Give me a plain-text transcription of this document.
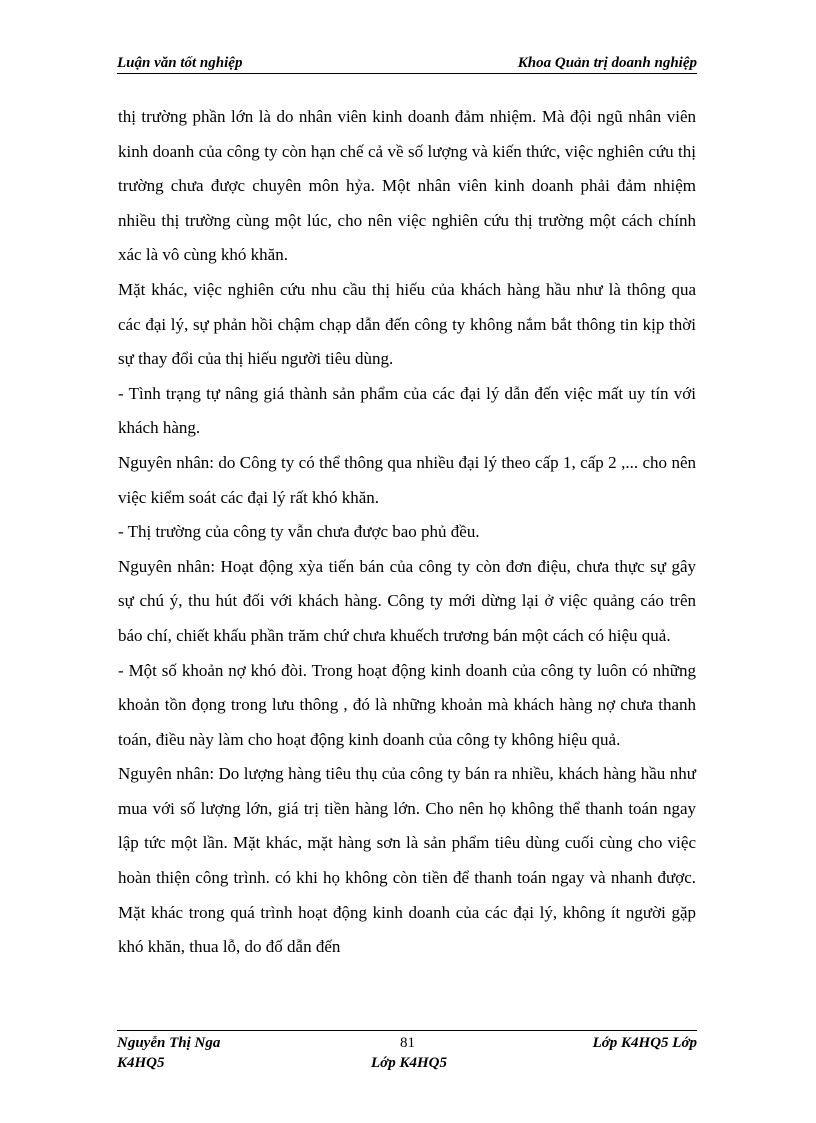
Luận văn tốt nghiệp	Khoa Quản trị doanh nghiệp

thị trường phần lớn là do nhân viên kinh doanh đảm nhiệm. Mà đội ngũ nhân viên kinh doanh của công ty còn hạn chế cả về số lượng và kiến thức, việc nghiên cứu thị trường chưa được chuyên môn hỷa. Một nhân viên kinh doanh phải đảm nhiệm nhiều thị trường cùng một lúc, cho nên việc nghiên cứu thị trường một cách chính xác là vô cùng khó khăn.

Mặt khác, việc nghiên cứu nhu cầu thị hiếu của khách hàng hầu như là thông qua các đại lý, sự phản hồi chậm chạp dẫn đến công ty không nắm bắt thông tin kịp thời sự thay đổi của thị hiếu người tiêu dùng.

- Tình trạng tự nâng giá thành sản phẩm của các đại lý dẫn đến việc mất uy tín với khách hàng.

Nguyên nhân: do Công ty có thể thông qua nhiều đại lý theo cấp 1, cấp 2 ,... cho nên việc kiểm soát các đại lý rất khó khăn.

- Thị trường của công ty vẫn chưa được bao phủ đều.

Nguyên nhân: Hoạt động xỳa tiến bán của công ty còn đơn điệu, chưa thực sự gây sự chú ý, thu hút đối với khách hàng. Công ty mới dừng lại ở việc quảng cáo trên báo chí, chiết khấu phần trăm chứ chưa khuếch trương bán một cách có hiệu quả.

- Một số khoản nợ khó đòi. Trong hoạt động kinh doanh của công ty luôn có những khoản tồn đọng trong lưu thông , đó là những khoản mà khách hàng nợ chưa thanh toán, điều này làm cho hoạt động kinh doanh của công ty không hiệu quả.

Nguyên nhân: Do lượng hàng tiêu thụ của công ty bán ra nhiều, khách hàng hầu như mua với số lượng lớn, giá trị tiền hàng lớn. Cho nên họ không thể thanh toán ngay lập tức một lần. Mặt khác, mặt hàng sơn là sản phẩm tiêu dùng cuối cùng cho việc hoàn thiện công trình. có khi họ không còn tiền để thanh toán ngay và nhanh được. Mặt khác trong quá trình hoạt động kinh doanh của các đại lý, không ít người gặp khó khăn, thua lỗ, do đố dẫn đến

Nguyễn Thị Nga	81	Lớp K4HQ5 Lớp
K4HQ5	Lớp K4HQ5
